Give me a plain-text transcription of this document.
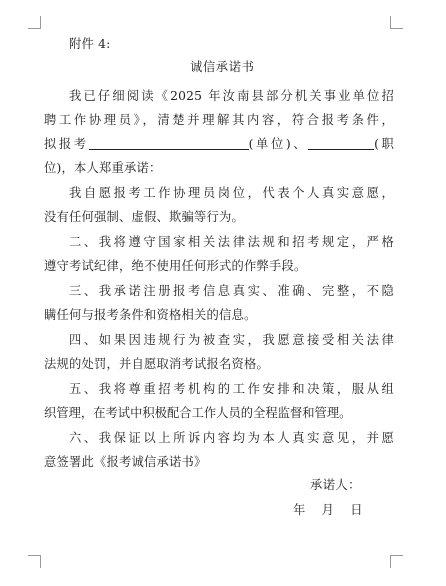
附件 4:
诚信承诺书
我已仔细阅读《2025 年汝南县部分机关事业单位招
聘工作协理员》，清楚并理解其内容，符合报考条件，
拟报考	(单位)、	(职
位)，本人郑重承诺：
我自愿报考工作协理员岗位，代表个人真实意愿，
没有任何强制、虚假、欺骗等行为。
二、我将遵守国家相关法律法规和招考规定，严格
遵守考试纪律，绝不使用任何形式的作弊手段。
三、我承诺注册报考信息真实、准确、完整，不隐
瞒任何与报考条件和资格相关的信息。
四、如果因违规行为被查实，我愿意接受相关法律
法规的处罚，并自愿取消考试报名资格。
五、我将尊重招考机构的工作安排和决策，服从组
织管理，在考试中积极配合工作人员的全程监督和管理。
六、我保证以上所诉内容均为本人真实意见，并愿
意签署此《报考诚信承诺书》
承诺人：
年 月 日
